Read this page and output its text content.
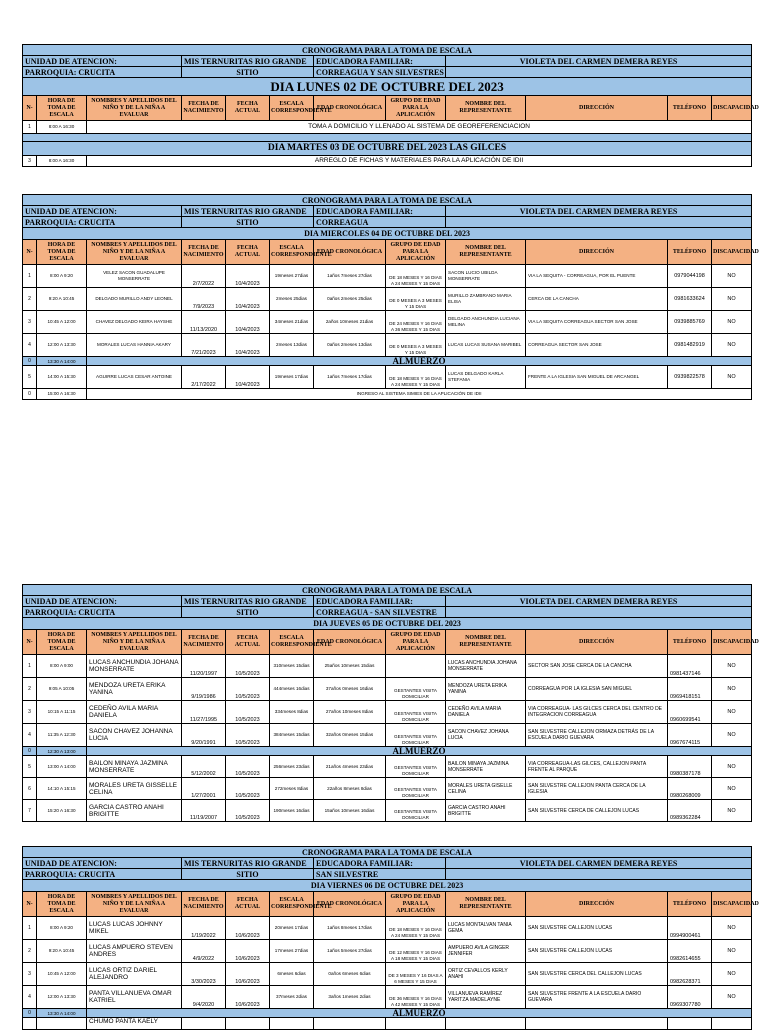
CRONOGRAMA PARA LA TOMA DE ESCALA											
UNIDAD DE ATENCION:			MIS TERNURITAS RIO GRANDE			EDUCADORA FAMILIAR:		VIOLETA DEL CARMEN DEMERA REYES			
PARROQUIA: CRUCITA			SITIO			CORREAGUA Y SAN SILVESTRES					
DIA LUNES 02 DE OCTUBRE DEL 2023											
N-	HORA DE TOMA DE ESCALA	NOMBRES Y APELLIDOS DEL NIÑO Y DE LA NIÑA A EVALUAR	FECHA DE NACIMIENTO	FECHA ACTUAL	ESCALA CORRESPONDIENTE	EDAD CRONOLÓGICA	GRUPO DE EDAD PARA LA APLICACIÓN	NOMBRE DEL REPRESENTANTE	DIRECCIÓN	TELÉFONO	DISCAPACIDAD
1	8:00 A 16:30	TOMA A DOMICILIO Y LLENADO AL SISTEMA DE GEOREFERENCIACION									

DIA MARTES 03 DE OCTUBRE DEL 2023 LAS GILCES											
3	8:00 A 16:30	ARREGLO DE FICHAS Y MATERIALES PARA LA APLICACIÓN DE IDII									
CRONOGRAMA PARA LA TOMA DE ESCALA											
UNIDAD DE ATENCION:			MIS TERNURITAS RIO GRANDE			EDUCADORA FAMILIAR:		VIOLETA DEL CARMEN DEMERA REYES			
PARROQUIA: CRUCITA			SITIO			CORREAGUA					
DIA MIERCOLES 04 DE OCTUBRE DEL 2023											
N-	HORA DE TOMA DE ESCALA	NOMBRES Y APELLIDOS DEL NIÑO Y DE LA NIÑA A EVALUAR	FECHA DE NACIMIENTO	FECHA ACTUAL	ESCALA CORRESPONDIENTE	EDAD CRONOLÓGICA	GRUPO DE EDAD PARA LA APLICACIÓN	NOMBRE DEL REPRESENTANTE	DIRECCIÓN	TELÉFONO	DISCAPACIDAD
1	8:00 A 9:20	VELEZ SACON GUADALUPE MONSERRATE	2/7/2022	10/4/2023	19meses 27dias	1años 7meses 27dias	DE 18 MESES Y 16 DIAS A 24 MESES Y 15 DIAS	SACON LUCIO UBILDA MONSERRATE	VIA LA SEQUITA - CORREAGUA, POR EL PUENTE	0979044198	NO
2	9:20 A 10:45	DELGADO MURILLO ANDY LEONEL	7/9/2023	10/4/2023	2meses 25dias	0años 2meses 25dias	DE 0 MESES A 3 MESES Y 15 DIAS	MURILLO ZAMBRANO MARIA ELISA	CERCA DE LA CANCHA	0981633624	NO
3	10:45 A 12:00	CHAVEZ DELGADO KEIRA HAYSHE	11/13/2020	10/4/2023	34meses 21dias	2años 10meses 21dias	DE 24 MESES Y 16 DIAS A 36 MESES Y 15 DIAS	DELGADO ANCHUNDIA LUCIANA MELINA	VIA LA SEQUITA CORREAGUA SECTOR SAN JOSE	0939885769	NO
4	12:00 A 13:30	MORALES LUCAS HANNIA AKARY	7/21/2023	10/4/2023	2meses 13dias	0años 2meses 13dias	DE 0 MESES A 3 MESES Y 15 DIAS	LUCAS LUCAS SUSANA MARIBEL	CORREAGUA SECTOR SAN JOSE	0981482919	NO
0	13:30 A 14:00	ALMUERZO									
5	14:00 A 15:30	AGUIRRE LUCAS CESAR ANTOINE	2/17/2022	10/4/2023	19meses 17dias	1años 7meses 17dias	DE 18 MESES Y 16 DIAS A 24 MESES Y 15 DIAS	LUCAS DELGADO KARLA STEFANIA	FRENTE A LA IGLESIA SAN MIGUEL DE ARCANGEL	0939822578	NO
0	15:00 A 16:30	INGRESO AL SISTEMA SIMIES DE LA APLICACIÓN DE IDII									
CRONOGRAMA PARA LA TOMA DE ESCALA											
UNIDAD DE ATENCION:			MIS TERNURITAS RIO GRANDE			EDUCADORA FAMILIAR:		VIOLETA DEL CARMEN DEMERA REYES			
PARROQUIA: CRUCITA			SITIO			CORREAGUA - SAN SILVESTRE					
DIA JUEVES 05 DE OCTUBRE DEL 2023											
N-	HORA DE TOMA DE ESCALA	NOMBRES Y APELLIDOS DEL NIÑO Y DE LA NIÑA A EVALUAR	FECHA DE NACIMIENTO	FECHA ACTUAL	ESCALA CORRESPONDIENTE	EDAD CRONOLÓGICA	GRUPO DE EDAD PARA LA APLICACIÓN	NOMBRE DEL REPRESENTANTE	DIRECCIÓN	TELÉFONO	DISCAPACIDAD
1	8:00 A 9:00	LUCAS ANCHUNDIA JOHANA MONSERRATE	11/20/1997	10/5/2023	310meses 15dias	25años 10meses 15dias		LUCAS ANCHUNDIA JOHANA MONSERRATE	SECTOR SAN JOSE CERCA DE LA CANCHA	0981437146	NO
2	9:05 A 10:05	MENDOZA URETA ERIKA YANINA	9/19/1986	10/5/2023	444meses 16dias	37años 0meses 16dias	GESTANTES VISITA DOMICILIAR	MENDOZA URETA ERIKA YANINA	CORREAGUA POR LA IGLESIA SAN MIGUEL	0969418151	NO
3	10:15 A 11:15	CEDEÑO AVILA MARIA DANIELA	11/27/1995	10/5/2023	334meses 8dias	27años 10meses 8dias	GESTANTES VISITA DOMICILIAR	CEDEÑO AVILA MARIA DANIELA	VIA CORREAGUA- LAS GILCES CERCA DEL CENTRO DE INTEGRACION CORREAGUA	0960699541	NO
4	11:35 A 12:30	SACON CHAVEZ JOHANNA LUCIA	9/20/1991	10/5/2023	384meses 15dias	32años 0meses 15dias	GESTANTES VISITA DOMICILIAR	SACON CHAVEZ JOHANA LUCIA	SAN SILVESTRE CALLEJON ORMAZA DETRÁS DE LA ESCUELA DARIO GUEVARA	0967674115	NO
0	12:30 A 13:00	ALMUERZO									
5	13:00 A 14:00	BAILON MINAYA JAZMINA MONSERRATE	5/12/2002	10/5/2023	256meses 23dias	21años 4meses 23dias	GESTANTES VISITA DOMICILIAR	BAILON MINAYA JAZMINA MONSERRATE	VIA CORREAGUA-LAS GILCES, CALLEJON PANTA FRENTE AL PARQUE	0980387178	NO
6	14:10 A 15:15	MORALES URETA GISSELLE CELINA	1/27/2001	10/5/2023	272meses 8dias	22años 8meses 8dias	GESTANTES VISITA DOMICILIAR	MORALES URETA GISELLE CELINA	SAN SILVESTRE CALLEJON PANTA CERCA DE LA IGLESIA	0980268009	NO
7	15:20 A 16:30	GARCIA CASTRO ANAHI BRIGITTE	11/19/2007	10/5/2023	190meses 16dias	15años 10meses 16dias	GESTANTES VISITA DOMICILIAR	GARCIA CASTRO ANAHI BRIGITTE	SAN SILVESTRE CERCA DE CALLEJON LUCAS	0989362284	NO
CRONOGRAMA PARA LA TOMA DE ESCALA											
UNIDAD DE ATENCION:			MIS TERNURITAS RIO GRANDE			EDUCADORA FAMILIAR:		VIOLETA DEL CARMEN DEMERA REYES			
PARROQUIA: CRUCITA			SITIO			SAN SILVESTRE					
DIA VIERNES 06 DE OCTUBRE DEL 2023											
N-	HORA DE TOMA DE ESCALA	NOMBRES Y APELLIDOS DEL NIÑO Y DE LA NIÑA A EVALUAR	FECHA DE NACIMIENTO	FECHA ACTUAL	ESCALA CORRESPONDIENTE	EDAD CRONOLÓGICA	GRUPO DE EDAD PARA LA APLICACIÓN	NOMBRE DEL REPRESENTANTE	DIRECCIÓN	TELÉFONO	DISCAPACIDAD
1	8:00 A 9:20	LUCAS LUCAS JOHNNY MIKEL	1/19/2022	10/6/2023	20meses 17dias	1años 8meses 17dias	DE 18 MESES Y 16 DIAS A 24 MESES Y 15 DIAS	LUCAS MONTALVAN TANIA GEMA	SAN SILVESTRE CALLEJON LUCAS	0994900461	NO
2	9:20 A 10:45	LUCAS AMPUERO STEVEN ANDRES	4/9/2022	10/6/2023	17meses 27dias	1años 5meses 27dias	DE 12 MESES Y 16 DIAS A 18 MESES Y 15 DIAS	AMPUERO AVILA GINGER JENNIFER	SAN SILVESTRE CALLEJON LUCAS	0982614655	NO
3	10:45 A 12:00	LUCAS ORTIZ DARIEL ALEJANDRO	3/30/2023	10/6/2023	6meses 6dias	0años 6meses 6dias	DE 3 MESES Y 16 DIAS A 6 MESES Y 15 DIAS	ORTIZ CEVALLOS KERLY ANAHI	SAN SILVESTRE CERCA DEL CALLEJON LUCAS	0982628371	NO
4	12:00 A 13:30	PANTA VILLANUEVA OMAR KATRIEL	9/4/2020	10/6/2023	37meses 2dias	3años 1meses 2dias	DE 36 MESES Y 16 DIAS A 42 MESES Y 15 DIAS	VILLANUEVA RAMÍREZ YARITZA MADELAYNE	SAN SILVESTRE FRENTE A LA ESCUELA DARIO GUEVARA	0969307780	NO
0	13:30 A 14:00	ALMUERZO									
		CHUMO PANTA KAELY									
